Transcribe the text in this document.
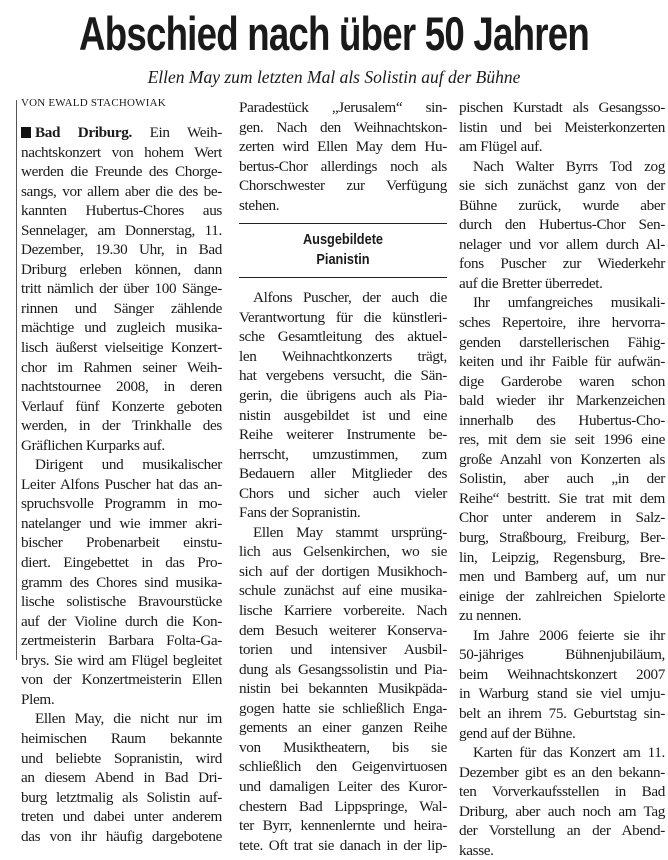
Abschied nach über 50 Jahren
Ellen May zum letzten Mal als Solistin auf der Bühne
VON EWALD STACHOWIAK
Bad Driburg. Ein Weih-
nachtskonzert von hohem Wert
werden die Freunde des Chorge-
sangs, vor allem aber die des be-
kannten Hubertus-Chores aus
Sennelager, am Donnerstag, 11.
Dezember, 19.30 Uhr, in Bad
Driburg erleben können, dann
tritt nämlich der über 100 Sänge-
rinnen und Sänger zählende
mächtige und zugleich musika-
lisch äußerst vielseitige Konzert-
chor im Rahmen seiner Weih-
nachtstournee 2008, in deren
Verlauf fünf Konzerte geboten
werden, in der Trinkhalle des
Gräflichen Kurparks auf.
Dirigent und musikalischer
Leiter Alfons Puscher hat das an-
spruchsvolle Programm in mo-
natelanger und wie immer akri-
bischer Probenarbeit einstu-
diert. Eingebettet in das Pro-
gramm des Chores sind musika-
lische solistische Bravourstücke
auf der Violine durch die Kon-
zertmeisterin Barbara Folta-Ga-
brys. Sie wird am Flügel begleitet
von der Konzertmeisterin Ellen
Plem.
Ellen May, die nicht nur im
heimischen Raum bekannte
und beliebte Sopranistin, wird
an diesem Abend in Bad Dri-
burg letztmalig als Solistin auf-
treten und dabei unter anderem
das von ihr häufig dargebotene
Paradestück „Jerusalem“ sin-
gen. Nach den Weihnachtskon-
zerten wird Ellen May dem Hu-
bertus-Chor allerdings noch als
Chorschwester zur Verfügung
stehen.
Ausgebildete
Pianistin
Alfons Puscher, der auch die
Verantwortung für die künstleri-
sche Gesamtleitung des aktuel-
len Weihnachtkonzerts trägt,
hat vergebens versucht, die Sän-
gerin, die übrigens auch als Pia-
nistin ausgebildet ist und eine
Reihe weiterer Instrumente be-
herrscht, umzustimmen, zum
Bedauern aller Mitglieder des
Chors und sicher auch vieler
Fans der Sopranistin.
Ellen May stammt ursprüng-
lich aus Gelsenkirchen, wo sie
sich auf der dortigen Musikhoch-
schule zunächst auf eine musika-
lische Karriere vorbereite. Nach
dem Besuch weiterer Konserva-
torien und intensiver Ausbil-
dung als Gesangssolistin und Pia-
nistin bei bekannten Musikpäda-
gogen hatte sie schließlich Enga-
gements an einer ganzen Reihe
von Musiktheatern, bis sie
schließlich den Geigenvirtuosen
und damaligen Leiter des Kuror-
chestern Bad Lippspringe, Wal-
ter Byrr, kennenlernte und heira-
tete. Oft trat sie danach in der lip-
pischen Kurstadt als Gesangsso-
listin und bei Meisterkonzerten
am Flügel auf.
Nach Walter Byrrs Tod zog
sie sich zunächst ganz von der
Bühne zurück, wurde aber
durch den Hubertus-Chor Sen-
nelager und vor allem durch Al-
fons Puscher zur Wiederkehr
auf die Bretter überredet.
Ihr umfangreiches musikali-
sches Repertoire, ihre hervorra-
genden darstellerischen Fähig-
keiten und ihr Faible für aufwän-
dige Garderobe waren schon
bald wieder ihr Markenzeichen
innerhalb des Hubertus-Cho-
res, mit dem sie seit 1996 eine
große Anzahl von Konzerten als
Solistin, aber auch „in der
Reihe“ bestritt. Sie trat mit dem
Chor unter anderem in Salz-
burg, Straßbourg, Freiburg, Ber-
lin, Leipzig, Regensburg, Bre-
men und Bamberg auf, um nur
einige der zahlreichen Spielorte
zu nennen.
Im Jahre 2006 feierte sie ihr
50-jähriges Bühnenjubiläum,
beim Weihnachtskonzert 2007
in Warburg stand sie viel umju-
belt an ihrem 75. Geburtstag sin-
gend auf der Bühne.
Karten für das Konzert am 11.
Dezember gibt es an den bekann-
ten Vorverkaufsstellen in Bad
Driburg, aber auch noch am Tag
der Vorstellung an der Abend-
kasse.
